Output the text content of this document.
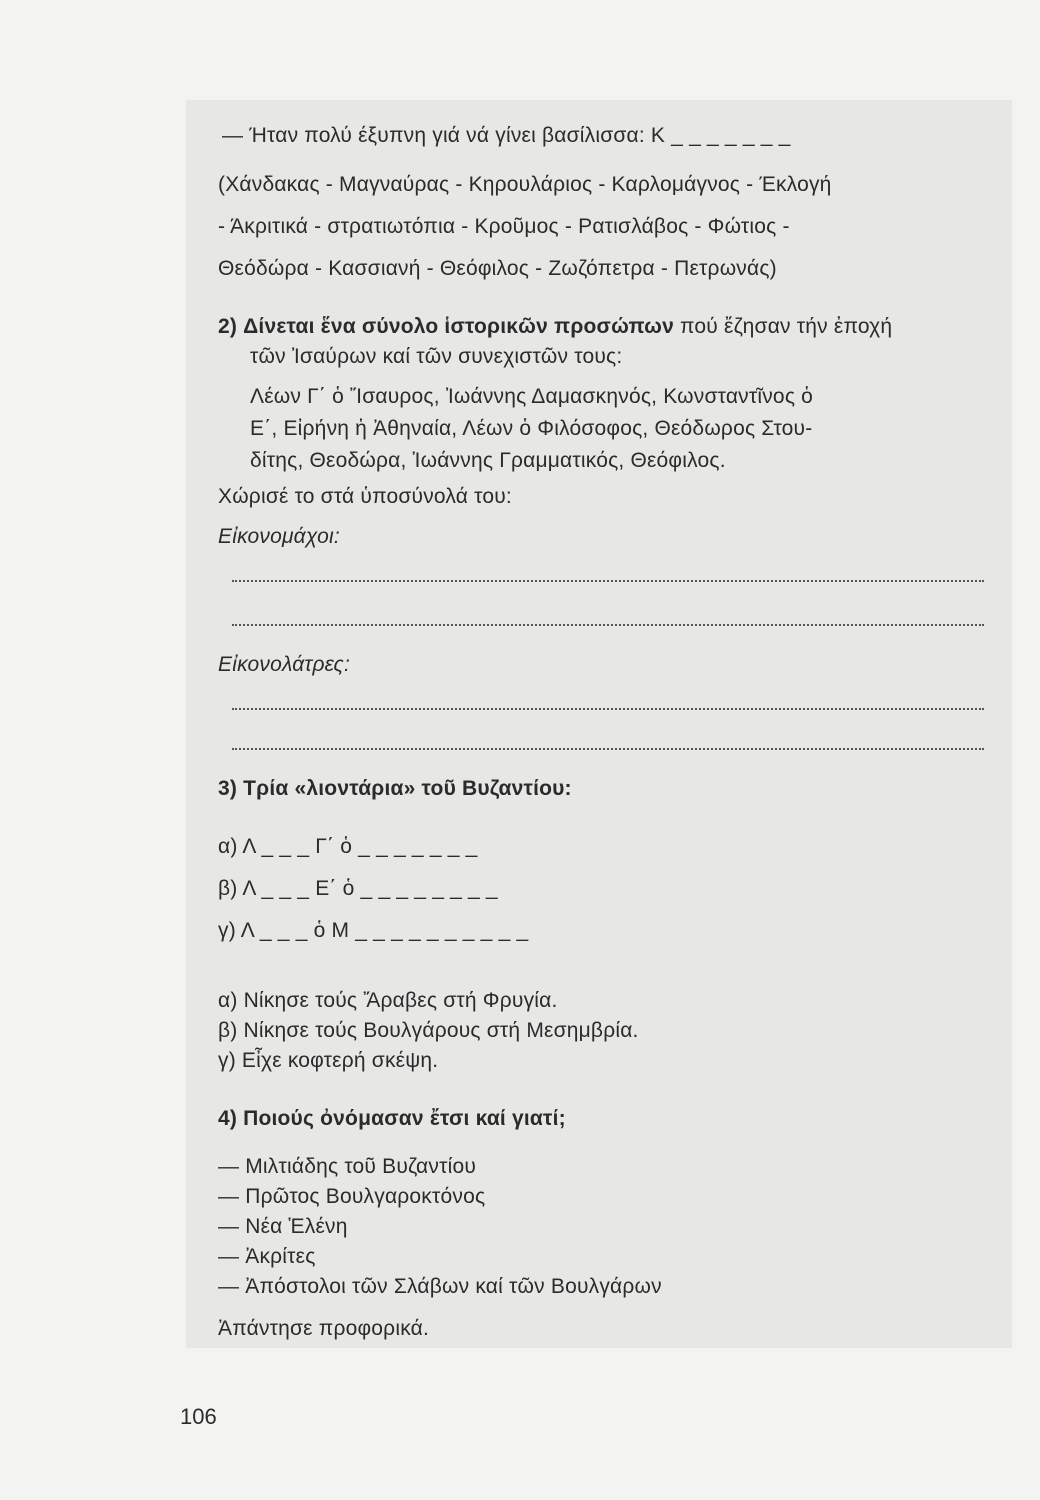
— Ήταν πολύ έξυπνη γιά νά γίνει βασίλισσα: Κ _ _ _ _ _ _ _
(Χάνδακας - Μαγναύρας - Κηρουλάριος - Καρλομάγνος - Έκλογή
- Άκριτικά - στρατιωτόπια - Κροῦμος - Ρατισλάβος - Φώτιος -
Θεόδώρα - Κασσιανή - Θεόφιλος - Ζωζόπετρα - Πετρωνάς)
2) Δίνεται ἕνα σύνολο ἱστορικῶν προσώπων πού ἔζησαν τήν ἐποχή
τῶν Ἰσαύρων καί τῶν συνεχιστῶν τους:
Λέων Γ΄ ὁ Ἴσαυρος, Ἰωάννης Δαμασκηνός, Κωνσταντῖνος ὁ
Ε΄, Εἰρήνη ἡ Ἀθηναία, Λέων ὁ Φιλόσοφος, Θεόδωρος Στου-
δίτης, Θεοδώρα, Ἰωάννης Γραμματικός, Θεόφιλος.
Χώρισέ το στά ὑποσύνολά του:
Εἰκονομάχοι:
Εἰκονολάτρες:
3) Τρία «λιοντάρια» τοῦ Βυζαντίου:
α) Λ _ _ _ Γ΄ ὁ _ _ _ _ _ _ _
β) Λ _ _ _ Ε΄ ὁ _ _ _ _ _ _ _ _
γ) Λ _ _ _ ὁ Μ _ _ _ _ _ _ _ _ _ _
α) Νίκησε τούς Ἄραβες στή Φρυγία.
β) Νίκησε τούς Βουλγάρους στή Μεσημβρία.
γ) Εἶχε κοφτερή σκέψη.
4) Ποιούς ὀνόμασαν ἔτσι καί γιατί;
— Μιλτιάδης τοῦ Βυζαντίου
— Πρῶτος Βουλγαροκτόνος
— Νέα Ἑλένη
— Ἀκρίτες
— Ἀπόστολοι τῶν Σλάβων καί τῶν Βουλγάρων
Ἀπάντησε προφορικά.
106
